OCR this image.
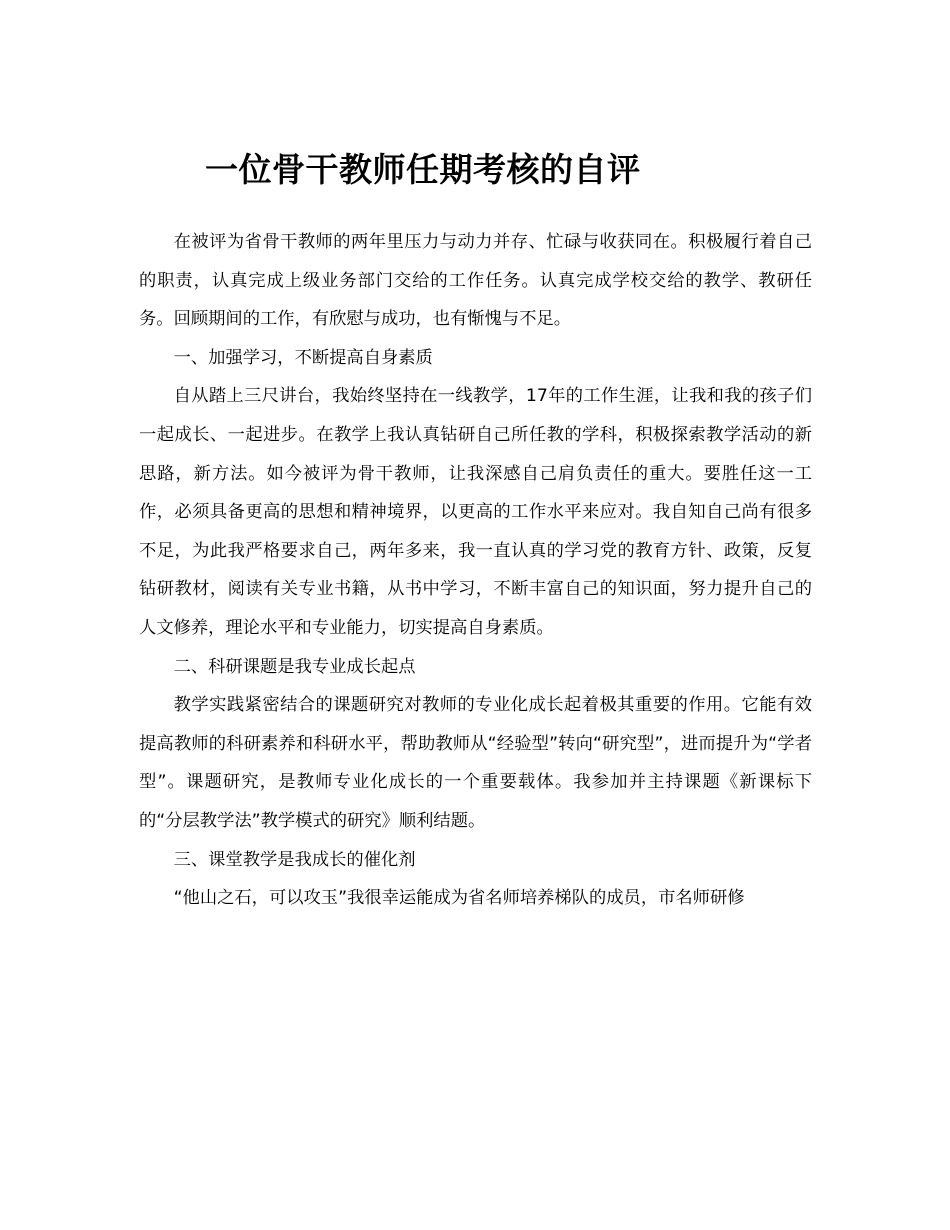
一位骨干教师任期考核的自评

在被评为省骨干教师的两年里压力与动力并存、忙碌与收获同在。积极履行着自己的职责，认真完成上级业务部门交给的工作任务。认真完成学校交给的教学、教研任务。回顾期间的工作，有欣慰与成功，也有惭愧与不足。

一、加强学习，不断提高自身素质

自从踏上三尺讲台，我始终坚持在一线教学，17年的工作生涯，让我和我的孩子们一起成长、一起进步。在教学上我认真钻研自己所任教的学科，积极探索教学活动的新思路，新方法。如今被评为骨干教师，让我深感自己肩负责任的重大。要胜任这一工作，必须具备更高的思想和精神境界，以更高的工作水平来应对。我自知自己尚有很多不足，为此我严格要求自己，两年多来，我一直认真的学习党的教育方针、政策，反复钻研教材，阅读有关专业书籍，从书中学习，不断丰富自己的知识面，努力提升自己的人文修养，理论水平和专业能力，切实提高自身素质。

二、科研课题是我专业成长起点

教学实践紧密结合的课题研究对教师的专业化成长起着极其重要的作用。它能有效提高教师的科研素养和科研水平，帮助教师从“经验型”转向“研究型”，进而提升为“学者型”。课题研究，是教师专业化成长的一个重要载体。我参加并主持课题《新课标下的“分层教学法”教学模式的研究》顺利结题。

三、课堂教学是我成长的催化剂

“他山之石，可以攻玉”我很幸运能成为省名师培养梯队的成员，市名师研修
